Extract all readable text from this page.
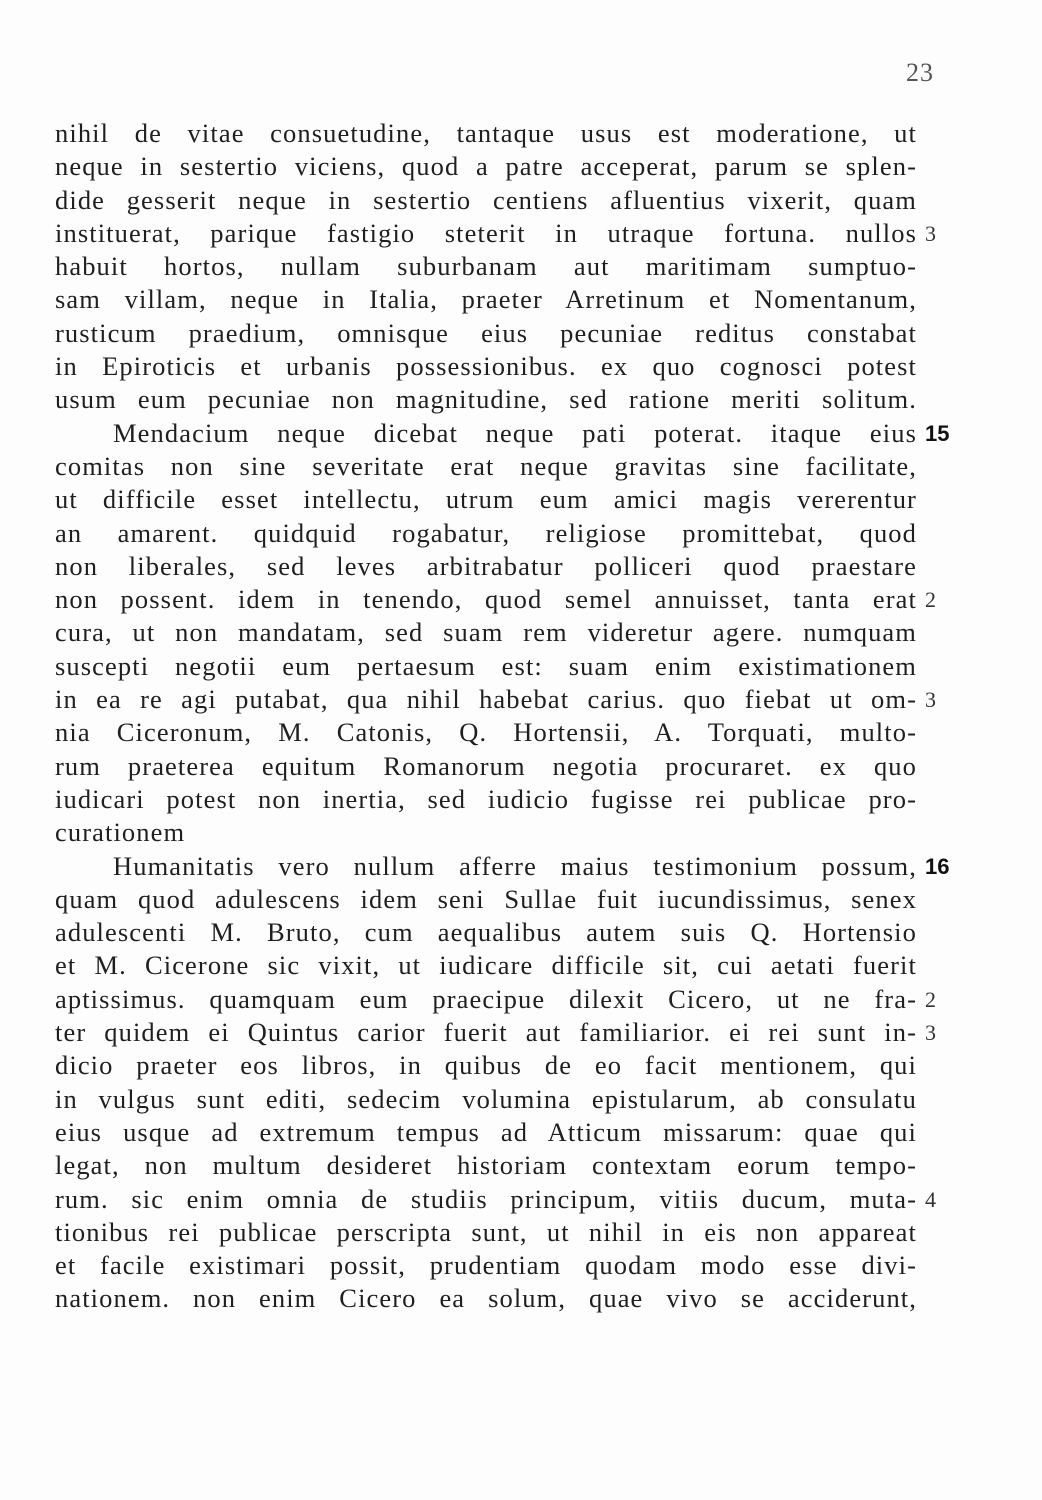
23
nihil de vitae consuetudine, tantaque usus est moderatione, ut
neque in sestertio viciens, quod a patre acceperat, parum se splen-
dide gesserit neque in sestertio centiens afluentius vixerit, quam
instituerat, parique fastigio steterit in utraque fortuna. nullos 3
habuit hortos, nullam suburbanam aut maritimam sumptuo-
sam villam, neque in Italia, praeter Arretinum et Nomentanum,
rusticum praedium, omnisque eius pecuniae reditus constabat
in Epiroticis et urbanis possessionibus. ex quo cognosci potest
usum eum pecuniae non magnitudine, sed ratione meriti solitum.
Mendacium neque dicebat neque pati poterat. itaque eius 15
comitas non sine severitate erat neque gravitas sine facilitate,
ut difficile esset intellectu, utrum eum amici magis vererentur
an amarent. quidquid rogabatur, religiose promittebat, quod
non liberales, sed leves arbitrabatur polliceri quod praestare
non possent. idem in tenendo, quod semel annuisset, tanta erat 2
cura, ut non mandatam, sed suam rem videretur agere. numquam
suscepti negotii eum pertaesum est: suam enim existimationem
in ea re agi putabat, qua nihil habebat carius. quo fiebat ut om- 3
nia Ciceronum, M. Catonis, Q. Hortensii, A. Torquati, multo-
rum praeterea equitum Romanorum negotia procuraret. ex quo
iudicari potest non inertia, sed iudicio fugisse rei publicae pro-
curationem
Humanitatis vero nullum afferre maius testimonium possum, 16
quam quod adulescens idem seni Sullae fuit iucundissimus, senex
adulescenti M. Bruto, cum aequalibus autem suis Q. Hortensio
et M. Cicerone sic vixit, ut iudicare difficile sit, cui aetati fuerit
aptissimus. quamquam eum praecipue dilexit Cicero, ut ne fra- 2
ter quidem ei Quintus carior fuerit aut familiarior. ei rei sunt in- 3
dicio praeter eos libros, in quibus de eo facit mentionem, qui
in vulgus sunt editi, sedecim volumina epistularum, ab consulatu
eius usque ad extremum tempus ad Atticum missarum: quae qui
legat, non multum desideret historiam contextam eorum tempo-
rum. sic enim omnia de studiis principum, vitiis ducum, muta- 4
tionibus rei publicae perscripta sunt, ut nihil in eis non appareat
et facile existimari possit, prudentiam quodam modo esse divi-
nationem. non enim Cicero ea solum, quae vivo se acciderunt,
